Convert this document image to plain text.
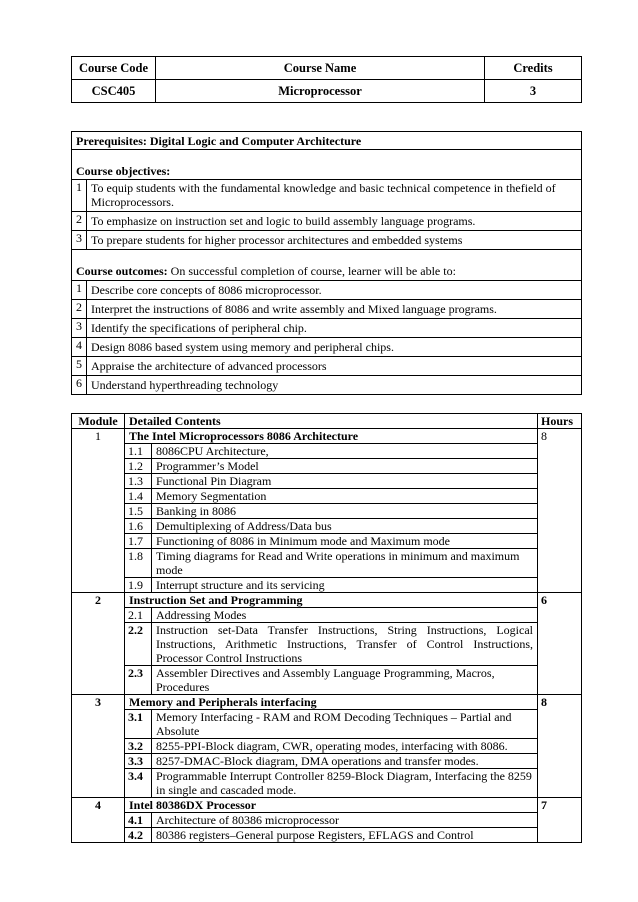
Course Code	Course Name	Credits
CSC405	Microprocessor	3
Prerequisites: Digital Logic and Computer Architecture	
Course objectives:	
1	To equip students with the fundamental knowledge and basic technical competence in thefield of Microprocessors.
2	To emphasize on instruction set and logic to build assembly language programs.
3	To prepare students for higher processor architectures and embedded systems
Course outcomes: On successful completion of course, learner will be able to:	
1	Describe core concepts of 8086 microprocessor.
2	Interpret the instructions of 8086 and write assembly and Mixed language programs.
3	Identify the specifications of peripheral chip.
4	Design 8086 based system using memory and peripheral chips.
5	Appraise the architecture of advanced processors
6	Understand hyperthreading technology
Module	Detailed Contents		Hours
1	The Intel Microprocessors 8086 Architecture		8
	1.1	8086CPU Architecture,	
	1.2	Programmer’s Model	
	1.3	Functional Pin Diagram	
	1.4	Memory Segmentation	
	1.5	Banking in 8086	
	1.6	Demultiplexing of Address/Data bus	
	1.7	Functioning of 8086 in Minimum mode and Maximum mode	
	1.8	Timing diagrams for Read and Write operations in minimum and maximum mode	
	1.9	Interrupt structure and its servicing	
2	Instruction Set and Programming		6
	2.1	Addressing Modes	
	2.2	Instruction set-Data Transfer Instructions, String Instructions, Logical Instructions, Arithmetic Instructions, Transfer of Control Instructions, Processor Control Instructions	
	2.3	Assembler Directives and Assembly Language Programming, Macros, Procedures	
3	Memory and Peripherals interfacing		8
	3.1	Memory Interfacing - RAM and ROM Decoding Techniques – Partial and Absolute	
	3.2	8255-PPI-Block diagram, CWR, operating modes, interfacing with 8086.	
	3.3	8257-DMAC-Block diagram, DMA operations and transfer modes.	
	3.4	Programmable Interrupt Controller 8259-Block Diagram, Interfacing the 8259 in single and cascaded mode.	
4	Intel 80386DX Processor		7
	4.1	Architecture of 80386 microprocessor	
	4.2	80386 registers–General purpose Registers, EFLAGS and Control	
